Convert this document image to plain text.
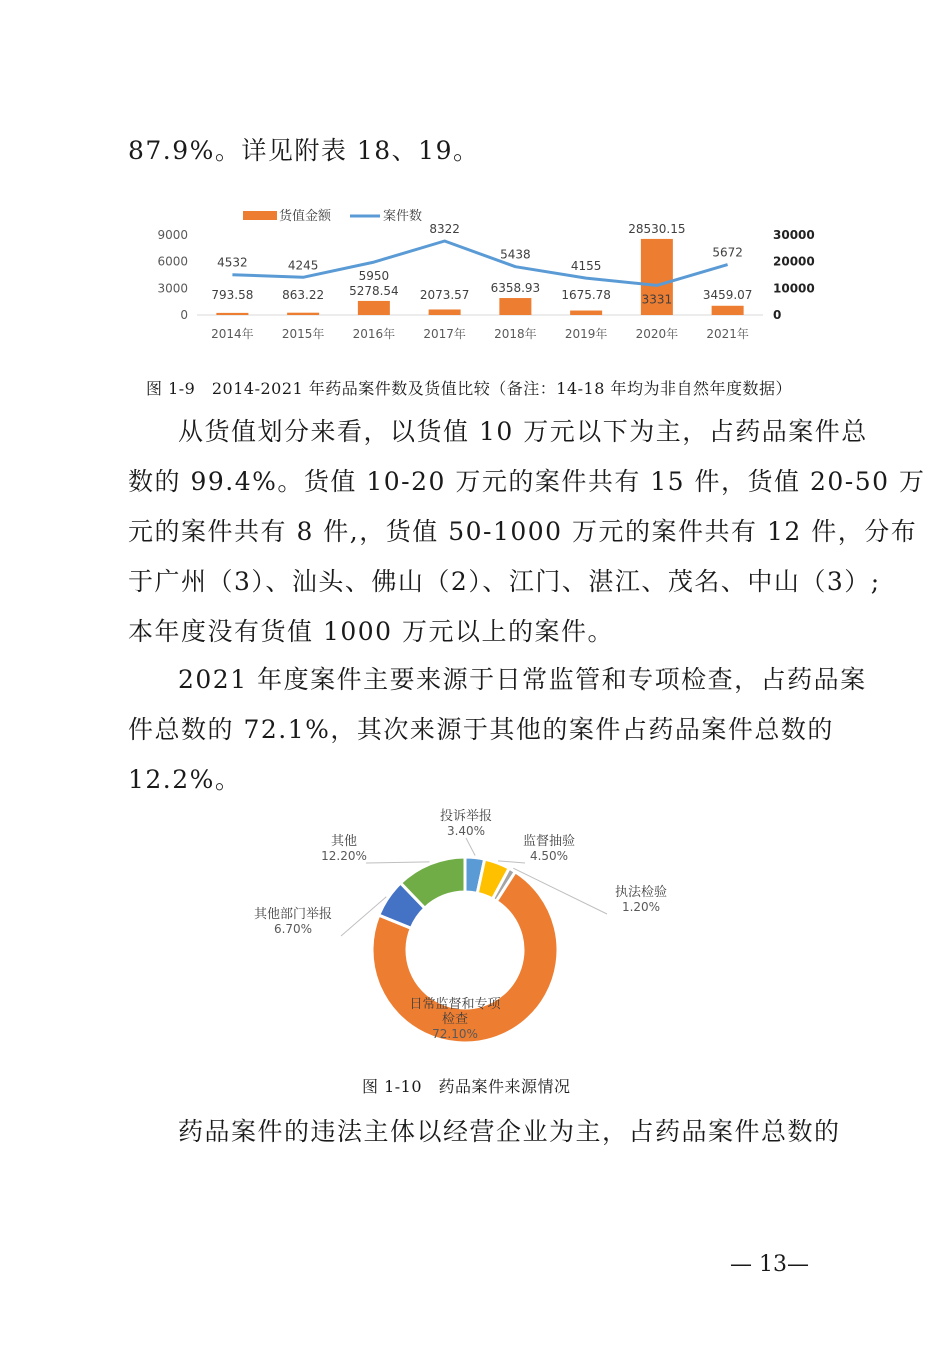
87.9%。详见附表 18、19。
货值金额	案件数
9000
6000
3000
0
30000
20000
10000
0
793.58 863.22 5278.54 2073.57 6358.93 1675.78
28530.15
3459.07
4532	4245
5950
8322
5438
4155
3331
5672
2014年 2015年 2016年 2017年 2018年 2019年 2020年 2021年
图 1-9　2014-2021 年药品案件数及货值比较（备注：14-18 年均为非自然年度数据）
从货值划分来看，以货值 10 万元以下为主，占药品案件总
数的 99.4%。货值 10-20 万元的案件共有 15 件，货值 20-50 万
元的案件共有 8 件,，货值 50-1000 万元的案件共有 12 件，分布
于广州（3）、汕头、佛山（2）、江门、湛江、茂名、中山（3）;
本年度没有货值 1000 万元以上的案件。
2021 年度案件主要来源于日常监管和专项检查，占药品案
件总数的 72.1%，其次来源于其他的案件占药品案件总数的
12.2%。
投诉举报
3.40%
监督抽验
4.50%
执法检验
1.20%
日常监督和专项
检查
72.10%
其他部门举报
6.70%
其他
12.20%
图 1-10　药品案件来源情况
药品案件的违法主体以经营企业为主，占药品案件总数的
— 13—
